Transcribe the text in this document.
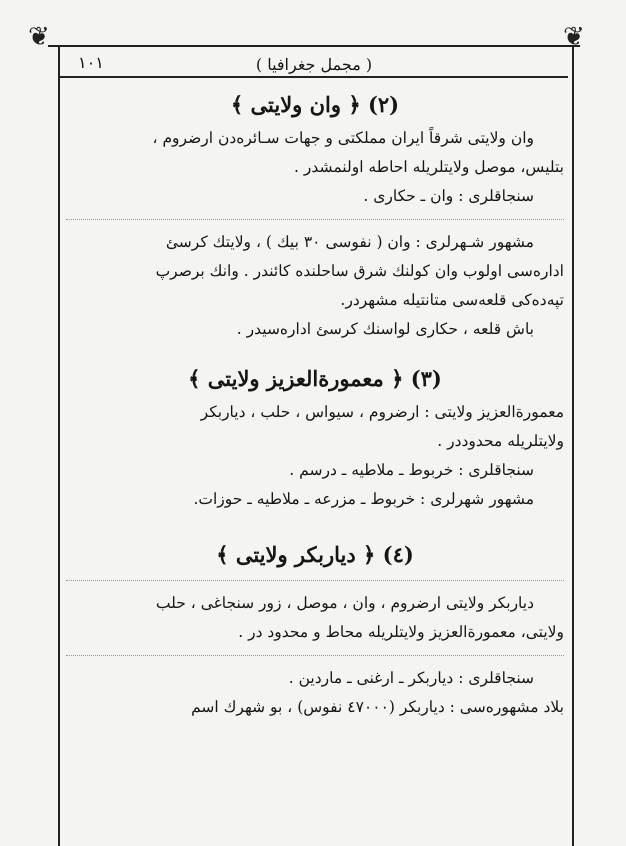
❦	❦
( مجمل جغرافیا )
١٠١
(٢) ﴿ وان ولايتى ﴾

وان ولايتى شرقاً ايران مملكتى و جهات سـائرەدن ارضروم ،

بتليس، موصل ولايتلريله احاطه اولنمشدر .

سنجاقلرى : وان ـ حكارى .

مشهور شـهرلرى : وان ( نفوسى ٣٠ بيك ) ، ولايتك كرسئ

ادارەسى اولوب وان كولنك شرق ساحلنده كائندر . وانك برصرپ

تپەدەكى قلعەسى متانتيله مشهردر.

باش قلعه ، حكارى لواسنك كرسئ ادارەسيدر .

(٣) ﴿ معمورةالعزيز ولايتى ﴾

معمورةالعزيز ولايتى : ارضروم ، سيواس ، حلب ، دياربكر

ولايتلريله محدوددر .

سنجاقلرى : خربوط ـ ملاطيه ـ درسم .

مشهور شهرلرى : خربوط ـ مزرعه ـ ملاطيه ـ حوزات.

(٤) ﴿ دياربكر ولايتى ﴾

دياربكر ولايتى ارضروم ، وان ، موصل ، زور سنجاغى ، حلب

ولايتى، معمورةالعزيز ولايتلريله محاط و محدود در .

سنجاقلرى : دياربكر ـ ارغنى ـ ماردين .

بلاد مشهورەسى : دياربكر (٤٧٠٠٠ نفوس) ، بو شهرك اسم
